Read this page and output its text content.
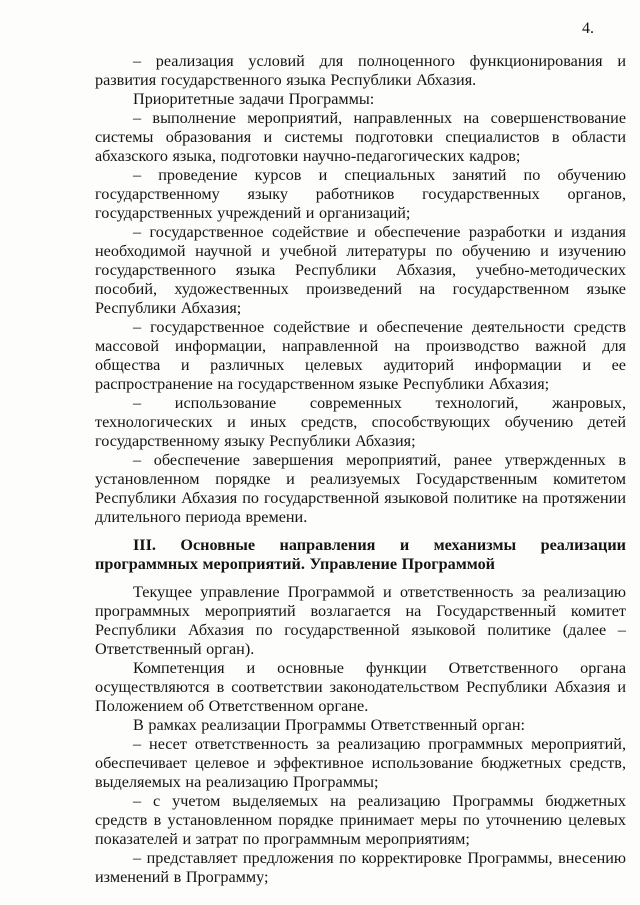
4.

– реализация условий для полноценного функционирования и развития государственного языка Республики Абхазия.

Приоритетные задачи Программы:

– выполнение мероприятий, направленных на совершенствование системы образования и системы подготовки специалистов в области абхазского языка, подготовки научно-педагогических кадров;

– проведение курсов и специальных занятий по обучению государственному языку работников государственных органов, государственных учреждений и организаций;

– государственное содействие и обеспечение разработки и издания необходимой научной и учебной литературы по обучению и изучению государственного языка Республики Абхазия, учебно-методических пособий, художественных произведений на государственном языке Республики Абхазия;

– государственное содействие и обеспечение деятельности средств массовой информации, направленной на производство важной для общества и различных целевых аудиторий информации и ее распространение на государственном языке Республики Абхазия;

– использование современных технологий, жанровых, технологических и иных средств, способствующих обучению детей государственному языку Республики Абхазия;

– обеспечение завершения мероприятий, ранее утвержденных в установленном порядке и реализуемых Государственным комитетом Республики Абхазия по государственной языковой политике на протяжении длительного периода времени.

III. Основные направления и механизмы реализации программных мероприятий. Управление Программой

Текущее управление Программой и ответственность за реализацию программных мероприятий возлагается на Государственный комитет Республики Абхазия по государственной языковой политике (далее – Ответственный орган).

Компетенция и основные функции Ответственного органа осуществляются в соответствии законодательством Республики Абхазия и Положением об Ответственном органе.

В рамках реализации Программы Ответственный орган:

– несет ответственность за реализацию программных мероприятий, обеспечивает целевое и эффективное использование бюджетных средств, выделяемых на реализацию Программы;

– с учетом выделяемых на реализацию Программы бюджетных средств в установленном порядке принимает меры по уточнению целевых показателей и затрат по программным мероприятиям;

– представляет предложения по корректировке Программы, внесению изменений в Программу;
